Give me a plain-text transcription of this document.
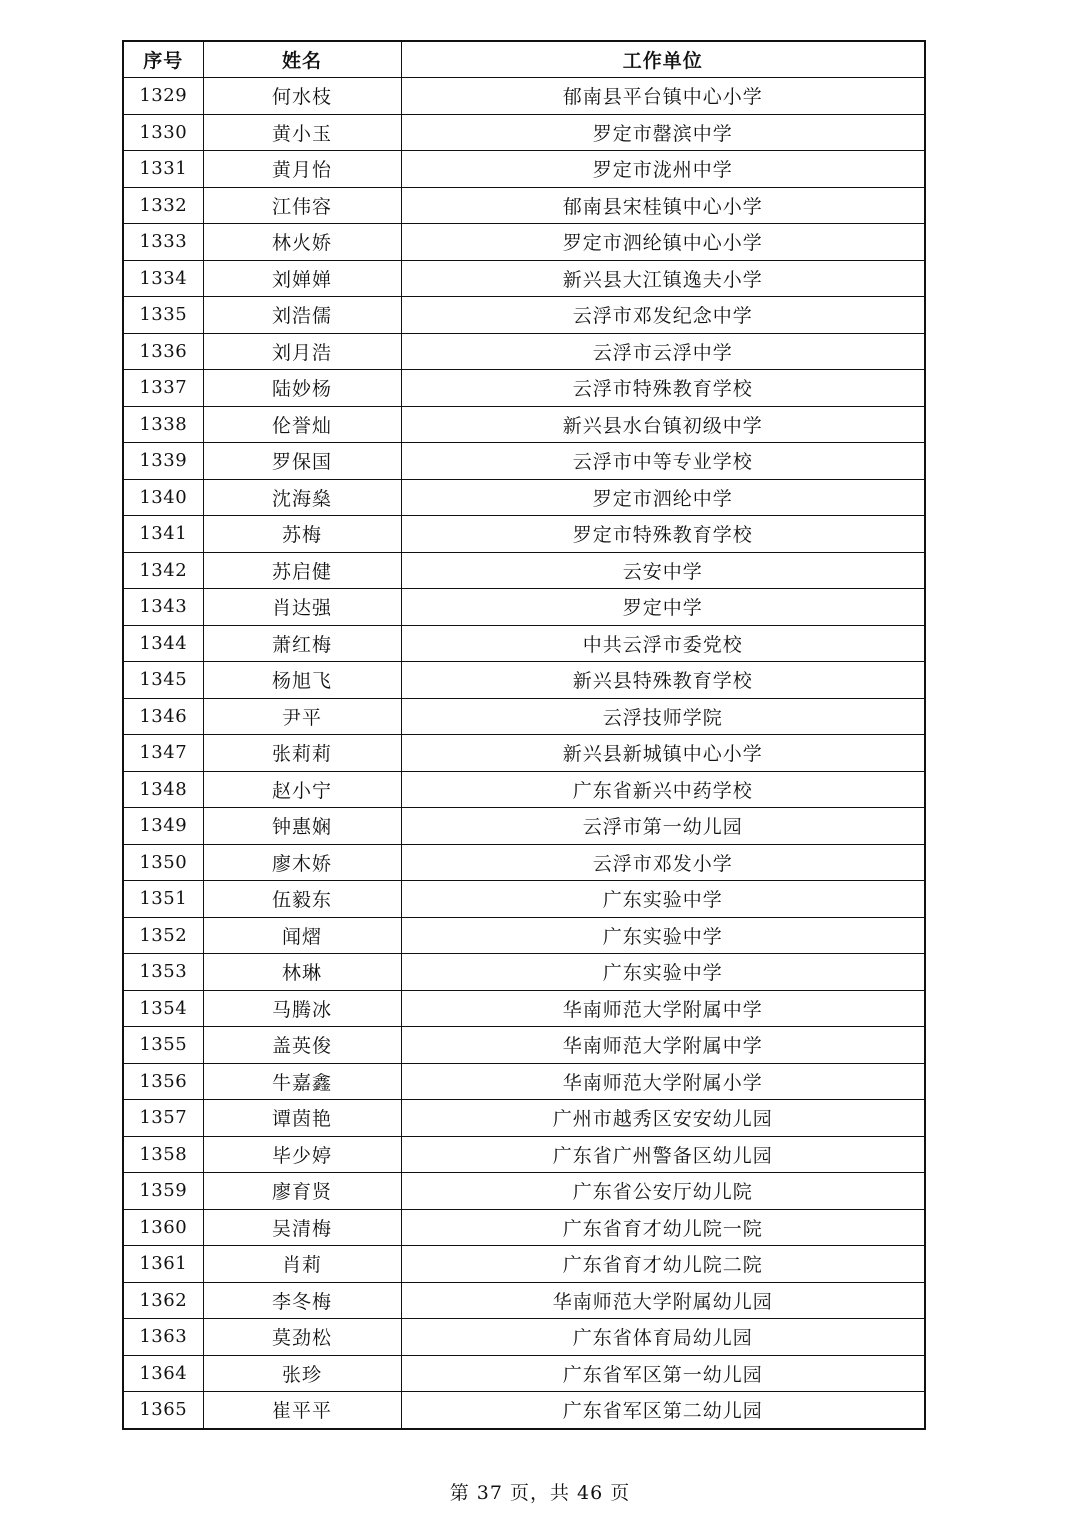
序号	姓名	工作单位
1329	何水枝	郁南县平台镇中心小学
1330	黄小玉	罗定市罄滨中学
1331	黄月怡	罗定市泷州中学
1332	江伟容	郁南县宋桂镇中心小学
1333	林火娇	罗定市泗纶镇中心小学
1334	刘婵婵	新兴县大江镇逸夫小学
1335	刘浩儒	云浮市邓发纪念中学
1336	刘月浩	云浮市云浮中学
1337	陆妙杨	云浮市特殊教育学校
1338	伦誉灿	新兴县水台镇初级中学
1339	罗保国	云浮市中等专业学校
1340	沈海燊	罗定市泗纶中学
1341	苏梅	罗定市特殊教育学校
1342	苏启健	云安中学
1343	肖达强	罗定中学
1344	萧红梅	中共云浮市委党校
1345	杨旭飞	新兴县特殊教育学校
1346	尹平	云浮技师学院
1347	张莉莉	新兴县新城镇中心小学
1348	赵小宁	广东省新兴中药学校
1349	钟惠娴	云浮市第一幼儿园
1350	廖木娇	云浮市邓发小学
1351	伍毅东	广东实验中学
1352	闻熠	广东实验中学
1353	林琳	广东实验中学
1354	马腾冰	华南师范大学附属中学
1355	盖英俊	华南师范大学附属中学
1356	牛嘉鑫	华南师范大学附属小学
1357	谭茵艳	广州市越秀区安安幼儿园
1358	毕少婷	广东省广州警备区幼儿园
1359	廖育贤	广东省公安厅幼儿院
1360	吴清梅	广东省育才幼儿院一院
1361	肖莉	广东省育才幼儿院二院
1362	李冬梅	华南师范大学附属幼儿园
1363	莫劲松	广东省体育局幼儿园
1364	张珍	广东省军区第一幼儿园
1365	崔平平	广东省军区第二幼儿园
第 37 页，共 46 页
